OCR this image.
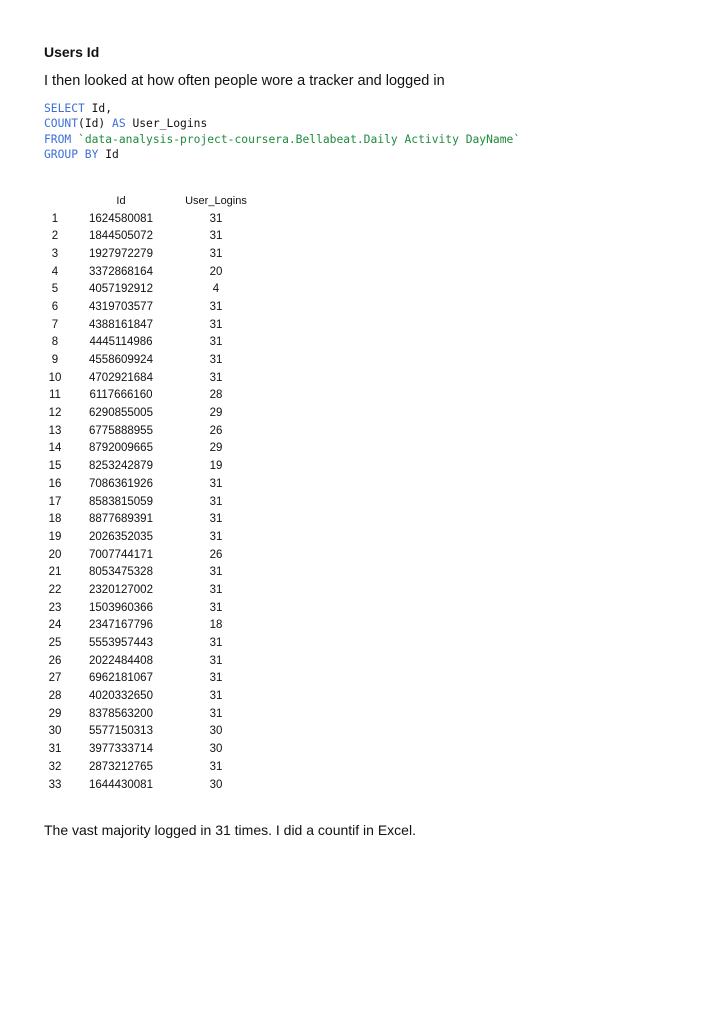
Users Id

I then looked at how often people wore a tracker and logged in

SELECT Id,
COUNT(Id) AS User_Logins
FROM `data-analysis-project-coursera.Bellabeat.Daily Activity DayName`
GROUP BY Id
Id	User_Logins
1	1624580081	31
2	1844505072	31
3	1927972279	31
4	3372868164	20
5	4057192912	4
6	4319703577	31
7	4388161847	31
8	4445114986	31
9	4558609924	31
10	4702921684	31
11	6117666160	28
12	6290855005	29
13	6775888955	26
14	8792009665	29
15	8253242879	19
16	7086361926	31
17	8583815059	31
18	8877689391	31
19	2026352035	31
20	7007744171	26
21	8053475328	31
22	2320127002	31
23	1503960366	31
24	2347167796	18
25	5553957443	31
26	2022484408	31
27	6962181067	31
28	4020332650	31
29	8378563200	31
30	5577150313	30
31	3977333714	30
32	2873212765	31
33	1644430081	30

The vast majority logged in 31 times. I did a countif in Excel.
